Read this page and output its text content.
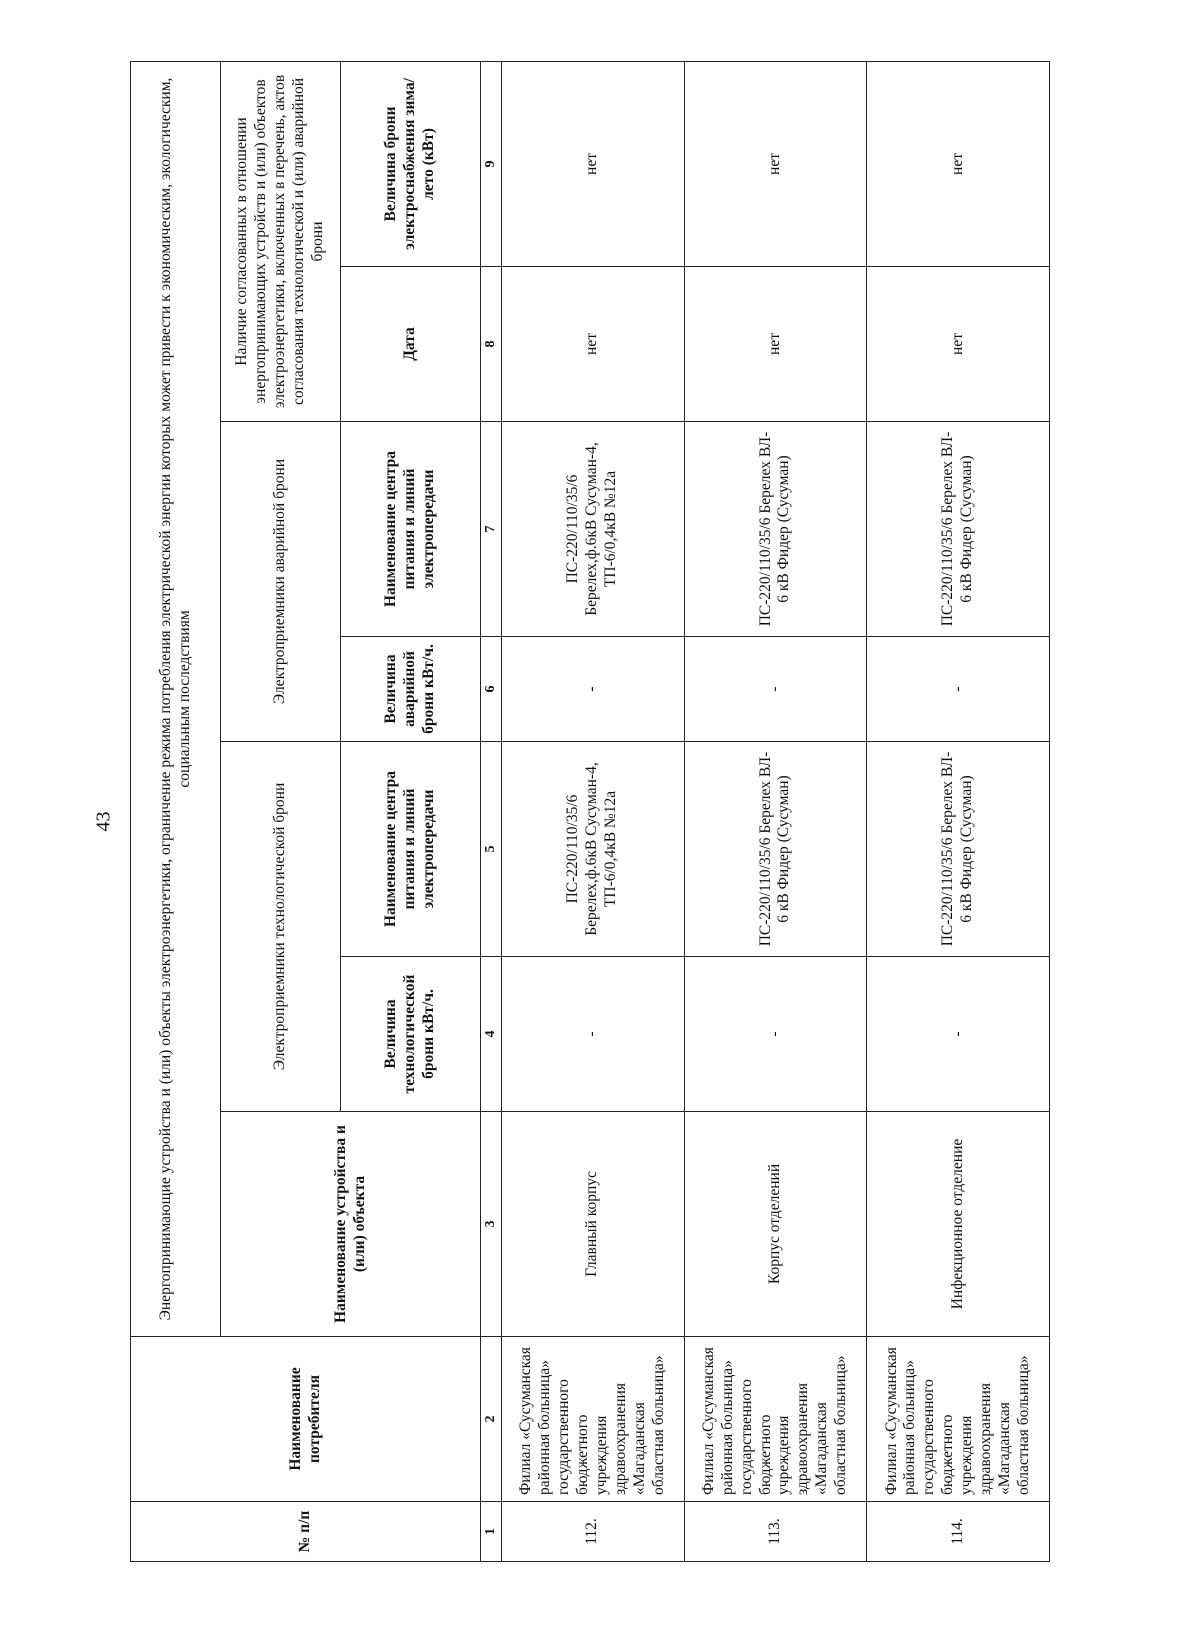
43
№ п/п	Наименование потребителя	Энергопринимающие устройства и (или) объекты электроэнергетики, ограничение режима потребления электрической энергии которых может привести к экономическим, экологическим, социальным последствиям						
		Наименование устройства и (или) объекта	Электроприемники технологической брони		Электроприемники аварийной брони		Наличие согласованных в отношении энергопринимающих устройств и (или) объектов электроэнергетики, включенных в перечень, актов согласования технологической и (или) аварийной брони	
			Величина технологической брони кВт/ч.	Наименование центра питания и линий электропередачи	Величина аварийной брони кВт/ч.	Наименование центра питания и линий электропередачи	Дата	Величина брони электроснабжения зима/лето (кВт)
1	2	3	4	5	6	7	8	9
112.	Филиал «Сусуманская районная больница» государственного бюджетного учреждения здравоохранения «Магаданская областная больница»	Главный корпус	-	ПС-220/110/35/6 Берелех,ф.6кВ Сусуман-4, ТП-6/0,4кВ №12а	-	ПС-220/110/35/6 Берелех,ф.6кВ Сусуман-4, ТП-6/0,4кВ №12а	нет	нет
113.	Филиал «Сусуманская районная больница» государственного бюджетного учреждения здравоохранения «Магаданская областная больница»	Корпус отделений	-	ПС-220/110/35/6 Берелех ВЛ- 6 кВ Фидер (Сусуман)	-	ПС-220/110/35/6 Берелех ВЛ- 6 кВ Фидер (Сусуман)	нет	нет
114.	Филиал «Сусуманская районная больница» государственного бюджетного учреждения здравоохранения «Магаданская областная больница»	Инфекционное отделение	-	ПС-220/110/35/6 Берелех ВЛ- 6 кВ Фидер (Сусуман)	-	ПС-220/110/35/6 Берелех ВЛ- 6 кВ Фидер (Сусуман)	нет	нет
